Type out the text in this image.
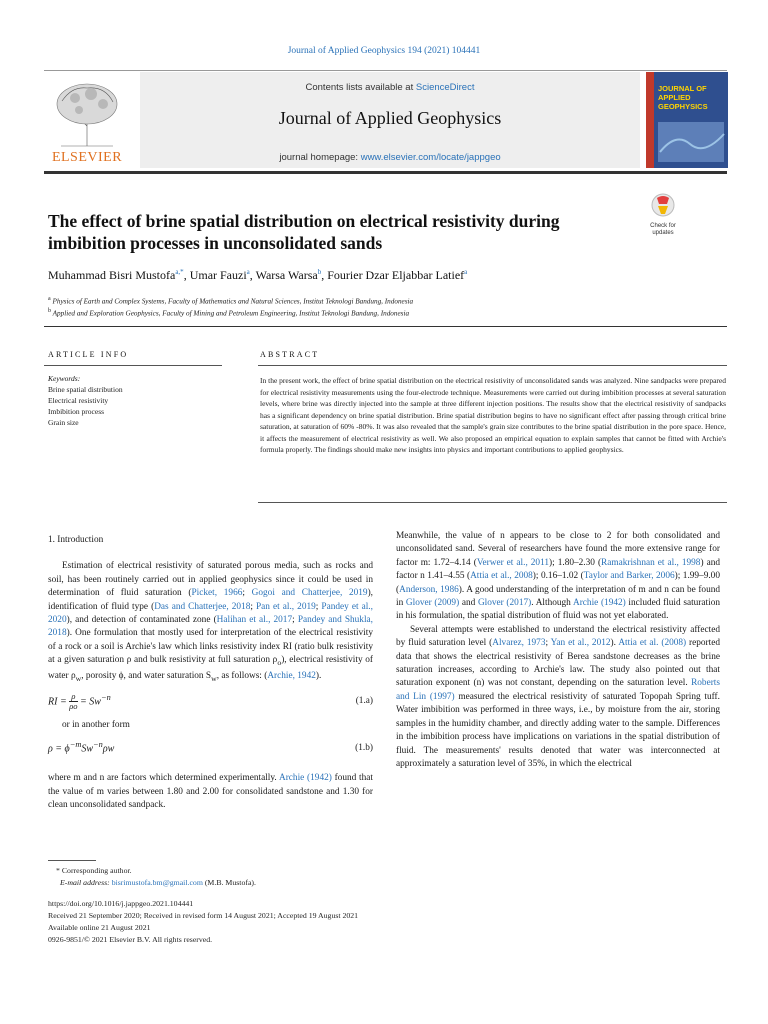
Journal of Applied Geophysics 194 (2021) 104441
ELSEVIER
Contents lists available at ScienceDirect
Journal of Applied Geophysics
journal homepage: www.elsevier.com/locate/jappgeo
JOURNAL OF APPLIED GEOPHYSICS
Check for updates
The effect of brine spatial distribution on electrical resistivity during imbibition processes in unconsolidated sands
Muhammad Bisri Mustofa$^{a,*}$, Umar Fauzi$^a$, Warsa Warsa$^b$, Fourier Dzar Eljabbar Latief$^a$
$^a$ Physics of Earth and Complex Systems, Faculty of Mathematics and Natural Sciences, Institut Teknologi Bandung, Indonesia
$^b$ Applied and Exploration Geophysics, Faculty of Mining and Petroleum Engineering, Institut Teknologi Bandung, Indonesia
ARTICLE INFO	ABSTRACT
Keywords:
Brine spatial distribution
Electrical resistivity
Imbibition process
Grain size
In the present work, the effect of brine spatial distribution on the electrical resistivity of unconsolidated sands was analyzed. Nine sandpacks were prepared for electrical resistivity measurements using the four-electrode technique. Measurements were carried out during imbibition processes at several saturation levels, where brine was directly injected into the sample at three different injection positions. The results show that the electrical resistivity of sandpacks has a significant dependency on brine spatial distribution. Brine spatial distribution begins to have no significant effect after passing through critical brine saturation, at saturation of 60% -80%. It was also revealed that the sample's grain size contributes to the brine spatial distribution in the pore space. Hence, it affects the measurement of electrical resistivity as well. We also proposed an empirical equation to explain samples that cannot be fitted with Archie's formula properly. The findings should make new insights into physics and important contributions to applied geophysics.

1. Introduction

Estimation of electrical resistivity of saturated porous media, such as rocks and soil, has been routinely carried out in applied geophysics since it could be used in determination of fluid saturation (Picket, 1966; Gogoi and Chatterjee, 2019), identification of fluid type (Das and Chatterjee, 2018; Pan et al., 2019; Pandey et al., 2020), and detection of contaminated zone (Halihan et al., 2017; Pandey and Shukla, 2018). One formulation that mostly used for interpretation of the electrical resistivity of a rock or a soil is Archie's law which links resistivity index RI (ratio bulk resistivity at a given saturation ρ and bulk resistivity at full saturation $\rho_o$), electrical resistivity of water $\rho_w$, porosity ϕ, and water saturation $S_w$, as follows: (Archie, 1942).

RI = $\frac{\rho}{\rho o} = Sw^{-n}$	(1.a)

or in another form

$\rho = \phi^{-m}Sw^{-n}\rho w$	(1.b)

where m and n are factors which determined experimentally. Archie (1942) found that the value of m varies between 1.80 and 2.00 for consolidated sandstone and 1.30 for clean unconsolidated sandpack.

Meanwhile, the value of n appears to be close to 2 for both consolidated and unconsolidated sand. Several of researchers have found the more extensive range for factor m: 1.72–4.14 (Verwer et al., 2011); 1.80–2.30 (Ramakrishnan et al., 1998) and factor n 1.41–4.55 (Attia et al., 2008); 0.16–1.02 (Taylor and Barker, 2006); 1.99–9.00 (Anderson, 1986). A good understanding of the interpretation of m and n can be found in Glover (2009) and Glover (2017). Although Archie (1942) included fluid saturation in his formulation, the spatial distribution of fluid was not yet elaborated.

Several attempts were established to understand the electrical resistivity affected by fluid saturation level (Alvarez, 1973; Yan et al., 2012). Attia et al. (2008) reported data that shows the electrical resistivity of Berea sandstone decreases as the brine saturation increases, according to Archie's law. The study also pointed out that saturation exponent (n) was not constant, depending on the saturation level. Roberts and Lin (1997) measured the electrical resistivity of saturated Topopah Spring tuff. Water imbibition was performed in three ways, i.e., by moisture from the air, storing samples in the humidity chamber, and directly adding water to the sample. Differences in the imbibition process have implications on variations in the spatial distribution of fluid. The measurements' results denoted that water was interconnected at approximately a saturation level of 35%, in which the electrical

* Corresponding author.
E-mail address: bisrimustofa.bm@gmail.com (M.B. Mustofa).
https://doi.org/10.1016/j.jappgeo.2021.104441
Received 21 September 2020; Received in revised form 14 August 2021; Accepted 19 August 2021
Available online 21 August 2021
0926-9851/© 2021 Elsevier B.V. All rights reserved.
